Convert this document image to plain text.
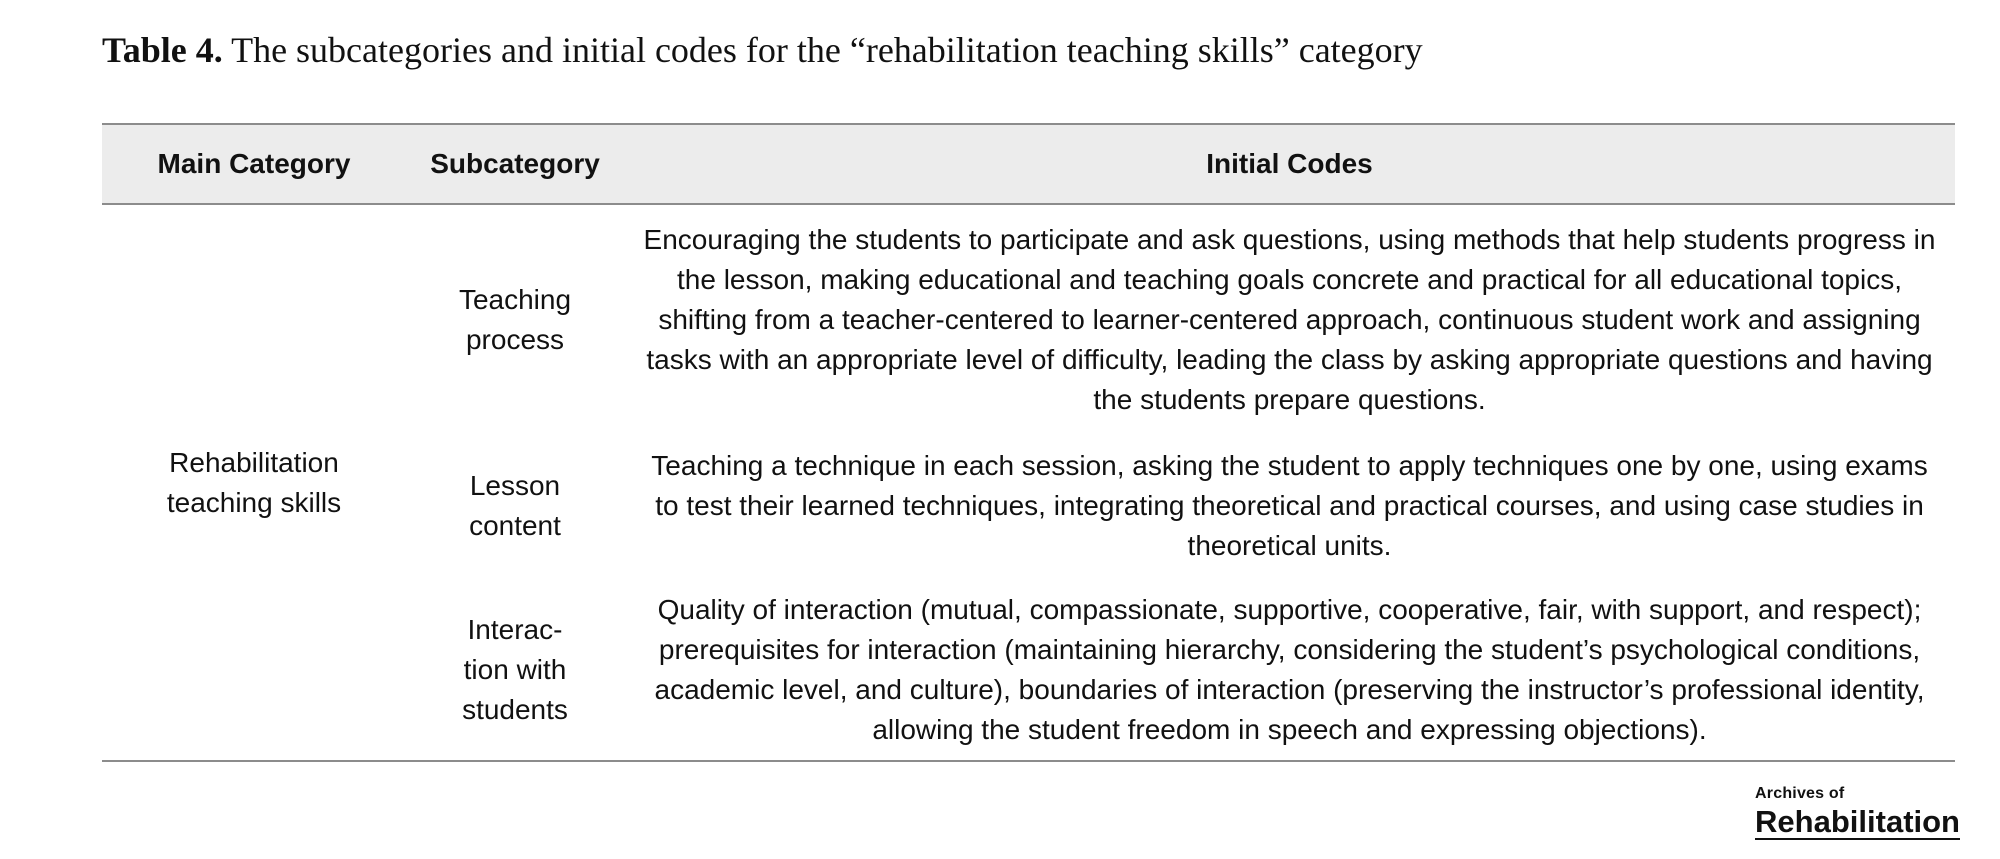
Table 4. The subcategories and initial codes for the “rehabilitation teaching skills” category
Main Category	Subcategory	Initial Codes
Rehabilitation
teaching skills
Teaching
process
Encouraging the students to participate and ask questions, using methods that help students progress in the lesson, making educational and teaching goals concrete and practical for all educational topics, shifting from a teacher-centered to learner-centered approach, continuous student work and assigning tasks with an appropriate level of difficulty, leading the class by asking appropriate questions and having the students prepare questions.
Lesson
content
Teaching a technique in each session, asking the student to apply techniques one by one, using exams to test their learned techniques, integrating theoretical and practical courses, and using case studies in theoretical units.
Interac-
tion with
students
Quality of interaction (mutual, compassionate, supportive, cooperative, fair, with support, and respect); prerequisites for interaction (maintaining hierarchy, considering the student’s psychological conditions, academic level, and culture), boundaries of interaction (preserving the instructor’s professional identity, allowing the student freedom in speech and expressing objections).
Archives of
Rehabilitation
